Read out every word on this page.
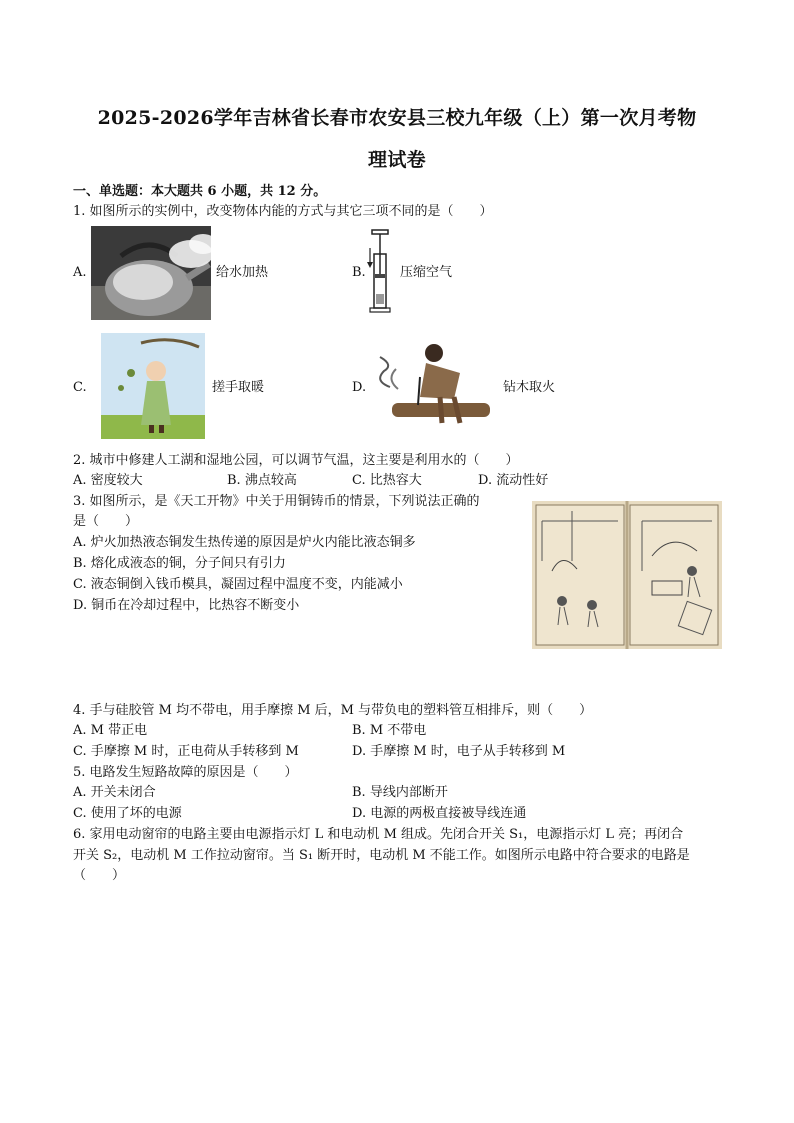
2025-2026学年吉林省长春市农安县三校九年级（上）第一次月考物
理试卷
一、单选题：本大题共 6 小题，共 12 分。
1. 如图所示的实例中，改变物体内能的方式与其它三项不同的是（　　）
A.	给水加热	B.	压缩空气
C.	搓手取暖	D.	钻木取火
2. 城市中修建人工湖和湿地公园，可以调节气温，这主要是利用水的（　　）
A. 密度较大	B. 沸点较高	C. 比热容大	D. 流动性好
3. 如图所示，是《天工开物》中关于用铜铸币的情景，下列说法正确的
是（　　）
A. 炉火加热液态铜发生热传递的原因是炉火内能比液态铜多
B. 熔化成液态的铜，分子间只有引力
C. 液态铜倒入钱币模具，凝固过程中温度不变，内能减小
D. 铜币在冷却过程中，比热容不断变小
4. 手与硅胶管 M 均不带电，用手摩擦 M 后，M 与带负电的塑料管互相排斥，则（　　）
A. M 带正电	B. M 不带电
C. 手摩擦 M 时，正电荷从手转移到 M	D. 手摩擦 M 时，电子从手转移到 M
5. 电路发生短路故障的原因是（　　）
A. 开关未闭合	B. 导线内部断开
C. 使用了坏的电源	D. 电源的两极直接被导线连通
6. 家用电动窗帘的电路主要由电源指示灯 L 和电动机 M 组成。先闭合开关 S₁，电源指示灯 L 亮；再闭合
开关 S₂，电动机 M 工作拉动窗帘。当 S₁ 断开时，电动机 M 不能工作。如图所示电路中符合要求的电路是
（　　）
